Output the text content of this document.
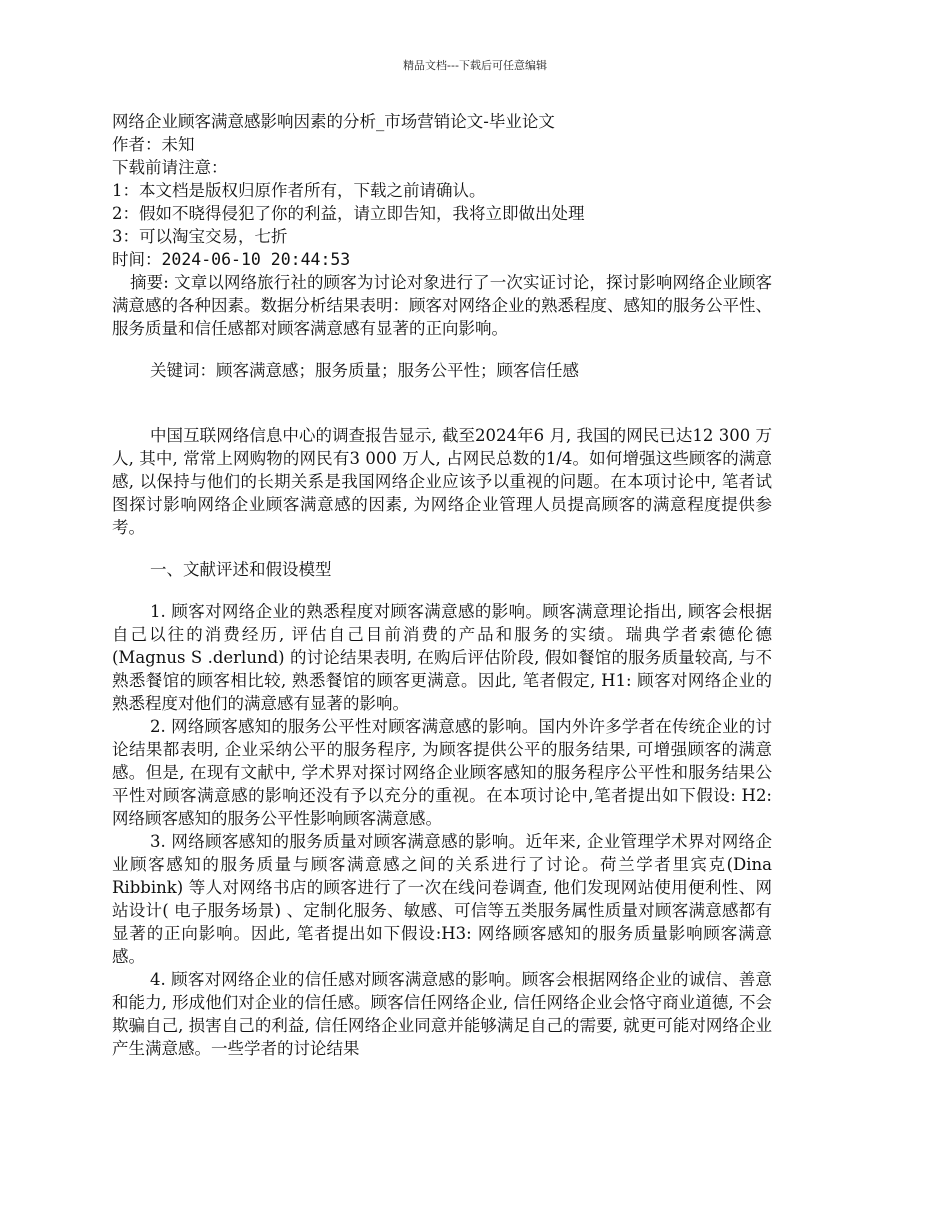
精品文档---下载后可任意编辑

网络企业顾客满意感影响因素的分析_市场营销论文-毕业论文

作者：未知

下载前请注意：

1：本文档是版权归原作者所有，下载之前请确认。

2：假如不晓得侵犯了你的利益，请立即告知，我将立即做出处理

3：可以淘宝交易，七折

时间：2024-06-10 20:44:53

摘要: 文章以网络旅行社的顾客为讨论对象进行了一次实证讨论，探讨影响网络企业顾客满意感的各种因素。数据分析结果表明：顾客对网络企业的熟悉程度、感知的服务公平性、服务质量和信任感都对顾客满意感有显著的正向影响。

关键词：顾客满意感；服务质量；服务公平性；顾客信任感

中国互联网络信息中心的调查报告显示, 截至2024年6 月, 我国的网民已达12 300 万人, 其中, 常常上网购物的网民有3 000 万人, 占网民总数的1/4。如何增强这些顾客的满意感, 以保持与他们的长期关系是我国网络企业应该予以重视的问题。在本项讨论中, 笔者试图探讨影响网络企业顾客满意感的因素, 为网络企业管理人员提高顾客的满意程度提供参考。

一、文献评述和假设模型

1. 顾客对网络企业的熟悉程度对顾客满意感的影响。顾客满意理论指出, 顾客会根据自己以往的消费经历, 评估自己目前消费的产品和服务的实绩。瑞典学者索德伦德(Magnus S .derlund) 的讨论结果表明, 在购后评估阶段, 假如餐馆的服务质量较高, 与不熟悉餐馆的顾客相比较, 熟悉餐馆的顾客更满意。因此, 笔者假定, H1: 顾客对网络企业的熟悉程度对他们的满意感有显著的影响。

2. 网络顾客感知的服务公平性对顾客满意感的影响。国内外许多学者在传统企业的讨论结果都表明, 企业采纳公平的服务程序, 为顾客提供公平的服务结果, 可增强顾客的满意感。但是, 在现有文献中, 学术界对探讨网络企业顾客感知的服务程序公平性和服务结果公平性对顾客满意感的影响还没有予以充分的重视。在本项讨论中,笔者提出如下假设: H2: 网络顾客感知的服务公平性影响顾客满意感。

3. 网络顾客感知的服务质量对顾客满意感的影响。近年来, 企业管理学术界对网络企业顾客感知的服务质量与顾客满意感之间的关系进行了讨论。荷兰学者里宾克(Dina Ribbink) 等人对网络书店的顾客进行了一次在线问卷调查, 他们发现网站使用便利性、网站设计( 电子服务场景) 、定制化服务、敏感、可信等五类服务属性质量对顾客满意感都有显著的正向影响。因此, 笔者提出如下假设:H3: 网络顾客感知的服务质量影响顾客满意感。

4. 顾客对网络企业的信任感对顾客满意感的影响。顾客会根据网络企业的诚信、善意和能力, 形成他们对企业的信任感。顾客信任网络企业, 信任网络企业会恪守商业道德, 不会欺骗自己, 损害自己的利益, 信任网络企业同意并能够满足自己的需要, 就更可能对网络企业产生满意感。一些学者的讨论结果
